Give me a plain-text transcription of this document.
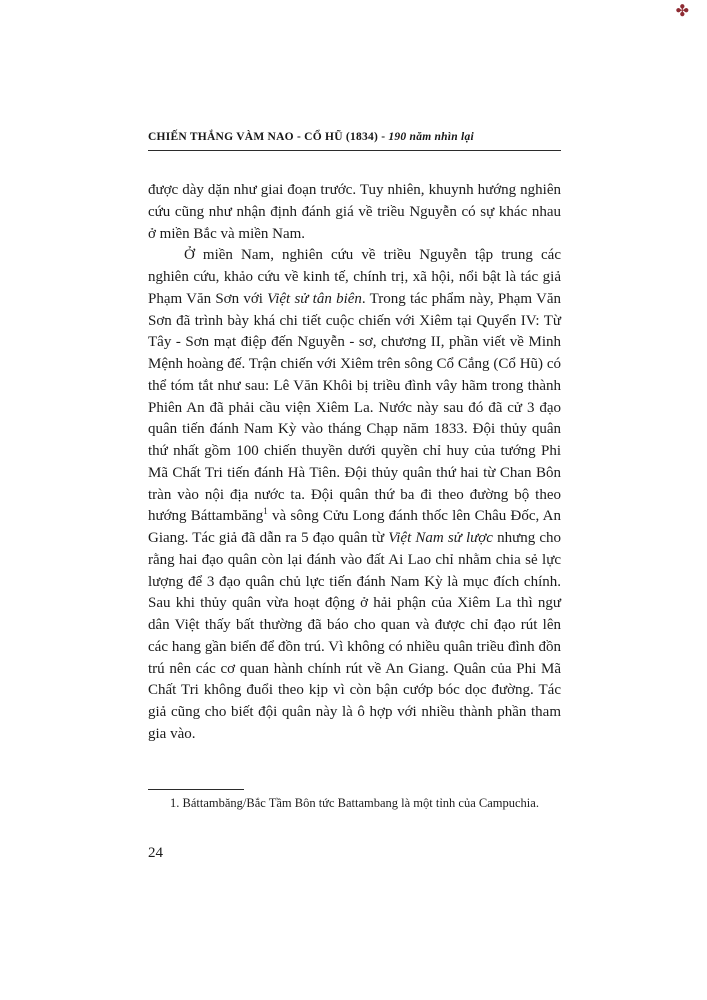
✤
CHIẾN THẮNG VÀM NAO - CỔ HŨ (1834) - 190 năm nhìn lại

được dày dặn như giai đoạn trước. Tuy nhiên, khuynh hướng nghiên cứu cũng như nhận định đánh giá về triều Nguyễn có sự khác nhau ở miền Bắc và miền Nam.

Ở miền Nam, nghiên cứu về triều Nguyễn tập trung các nghiên cứu, khảo cứu về kinh tế, chính trị, xã hội, nổi bật là tác giả Phạm Văn Sơn với Việt sử tân biên. Trong tác phẩm này, Phạm Văn Sơn đã trình bày khá chi tiết cuộc chiến với Xiêm tại Quyển IV: Từ Tây - Sơn mạt điệp đến Nguyễn - sơ, chương II, phần viết về Minh Mệnh hoàng đế. Trận chiến với Xiêm trên sông Cổ Cắng (Cổ Hũ) có thể tóm tắt như sau: Lê Văn Khôi bị triều đình vây hãm trong thành Phiên An đã phải cầu viện Xiêm La. Nước này sau đó đã cử 3 đạo quân tiến đánh Nam Kỳ vào tháng Chạp năm 1833. Đội thủy quân thứ nhất gồm 100 chiến thuyền dưới quyền chỉ huy của tướng Phi Mã Chất Tri tiến đánh Hà Tiên. Đội thủy quân thứ hai từ Chan Bôn tràn vào nội địa nước ta. Đội quân thứ ba đi theo đường bộ theo hướng Báttambăng$^1$ và sông Cửu Long đánh thốc lên Châu Đốc, An Giang. Tác giả đã dẫn ra 5 đạo quân từ Việt Nam sử lược nhưng cho rằng hai đạo quân còn lại đánh vào đất Ai Lao chỉ nhằm chia sẻ lực lượng để 3 đạo quân chủ lực tiến đánh Nam Kỳ là mục đích chính. Sau khi thủy quân vừa hoạt động ở hải phận của Xiêm La thì ngư dân Việt thấy bất thường đã báo cho quan và được chỉ đạo rút lên các hang gần biển để đồn trú. Vì không có nhiều quân triều đình đồn trú nên các cơ quan hành chính rút về An Giang. Quân của Phi Mã Chất Tri không đuổi theo kịp vì còn bận cướp bóc dọc đường. Tác giả cũng cho biết đội quân này là ô hợp với nhiều thành phần tham gia vào.

1. Báttambăng/Bắc Tầm Bôn tức Battambang là một tỉnh của Campuchia.
24
